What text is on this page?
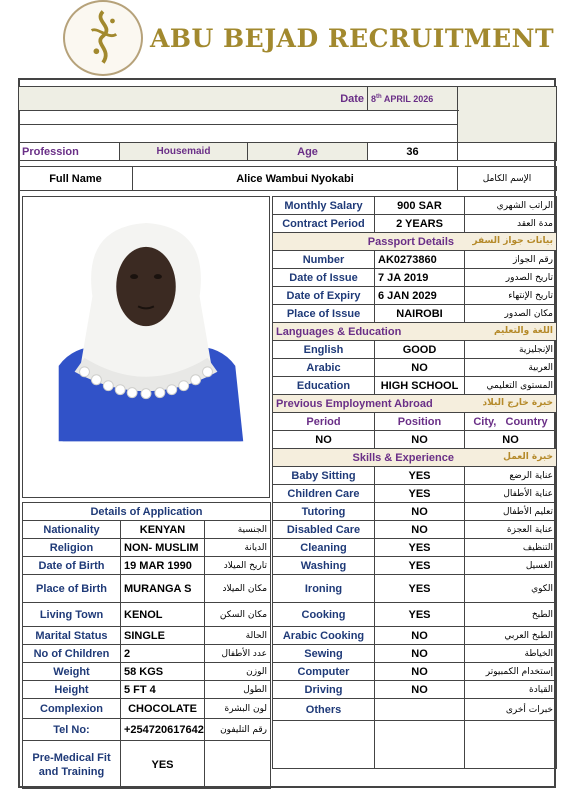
ABU BEJAD RECRUITMENT
			Date	8th APRIL 2026	

Profession	Housemaid	Age		36	
Full Name	Alice Wambui Nyokabi	الإسم الكامل
Details of Application		
Nationality	KENYAN	الجنسية
Religion	NON- MUSLIM	الديانة
Date of Birth	19 MAR 1990	تاريخ الميلاد
Place of Birth	MURANGA S	مكان الميلاد
Living Town	KENOL	مكان السكن
Marital Status	SINGLE	الحالة
No of Children	2	عدد الأطفال
Weight	58 KGS	الوزن
Height	5 FT 4	الطول
Complexion	CHOCOLATE	لون البشرة
Tel No:	+254720617642	رقم التليفون
Pre-Medical Fit and Training	YES	
Monthly Salary	900 SAR	الراتب الشهري
Contract Period	2 YEARS	مدة العقد
Passport Details بيانات جواز السفر		

Number	AK0273860	رقم الجواز
Date of Issue	7 JA 2019	تاريخ الصدور
Date of Expiry	6 JAN 2029	تاريخ الإنتهاء
Place of Issue	NAIROBI	مكان الصدور
Languages & Education اللغة والتعليم		

English	GOOD	الإنجليزية
Arabic	NO	العربية
Education	HIGH SCHOOL	المستوى التعليمي
Previous Employment Abroad خبرة خارج البلاد		

Period	Position	City,   Country
NO	NO	NO
Skills & Experience خبرة العمل		

Baby Sitting	YES	عناية الرضع
Children Care	YES	عناية الأطفال
Tutoring	NO	تعليم الأطفال
Disabled Care	NO	عناية العجزة
Cleaning	YES	التنظيف
Washing	YES	الغسيل
Ironing	YES	الكوي
Cooking	YES	الطبخ
Arabic Cooking	NO	الطبخ العربي
Sewing	NO	الخياطة
Computer	NO	إستخدام الكمبيوتر
Driving	NO	القيادة
Others		خبرات أخرى
